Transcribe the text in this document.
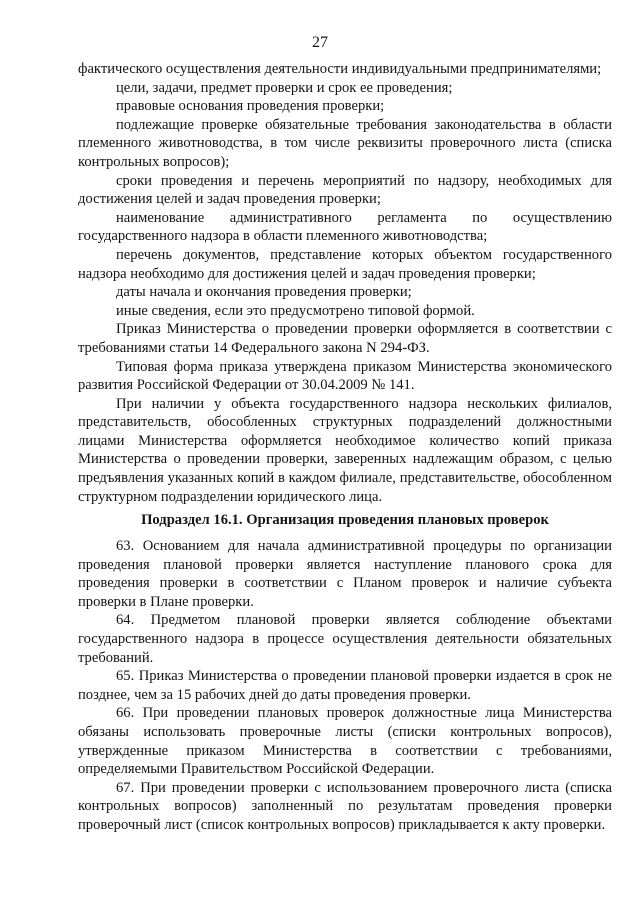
27

фактического осуществления деятельности индивидуальными предпринимателями;

цели, задачи, предмет проверки и срок ее проведения;

правовые основания проведения проверки;

подлежащие проверке обязательные требования законодательства в области племенного животноводства, в том числе реквизиты проверочного листа (списка контрольных вопросов);

сроки проведения и перечень мероприятий по надзору, необходимых для достижения целей и задач проведения проверки;

наименование административного регламента по осуществлению государственного надзора в области племенного животноводства;

перечень документов, представление которых объектом государственного надзора необходимо для достижения целей и задач проведения проверки;

даты начала и окончания проведения проверки;

иные сведения, если это предусмотрено типовой формой.

Приказ Министерства о проведении проверки оформляется в соответствии с требованиями статьи 14 Федерального закона N 294-ФЗ.

Типовая форма приказа утверждена приказом Министерства экономического развития Российской Федерации от 30.04.2009 № 141.

При наличии у объекта государственного надзора нескольких филиалов, представительств, обособленных структурных подразделений должностными лицами Министерства оформляется необходимое количество копий приказа Министерства о проведении проверки, заверенных надлежащим образом, с целью предъявления указанных копий в каждом филиале, представительстве, обособленном структурном подразделении юридического лица.

Подраздел 16.1. Организация проведения плановых проверок

63. Основанием для начала административной процедуры по организации проведения плановой проверки является наступление планового срока для проведения проверки в соответствии с Планом проверок и наличие субъекта проверки в Плане проверки.

64. Предметом плановой проверки является соблюдение объектами государственного надзора в процессе осуществления деятельности обязательных требований.

65. Приказ Министерства о проведении плановой проверки издается в срок не позднее, чем за 15 рабочих дней до даты проведения проверки.

66. При проведении плановых проверок должностные лица Министерства обязаны использовать проверочные листы (списки контрольных вопросов), утвержденные приказом Министерства в соответствии с требованиями, определяемыми Правительством Российской Федерации.

67. При проведении проверки с использованием проверочного листа (списка контрольных вопросов) заполненный по результатам проведения проверки проверочный лист (список контрольных вопросов) прикладывается к акту проверки.
